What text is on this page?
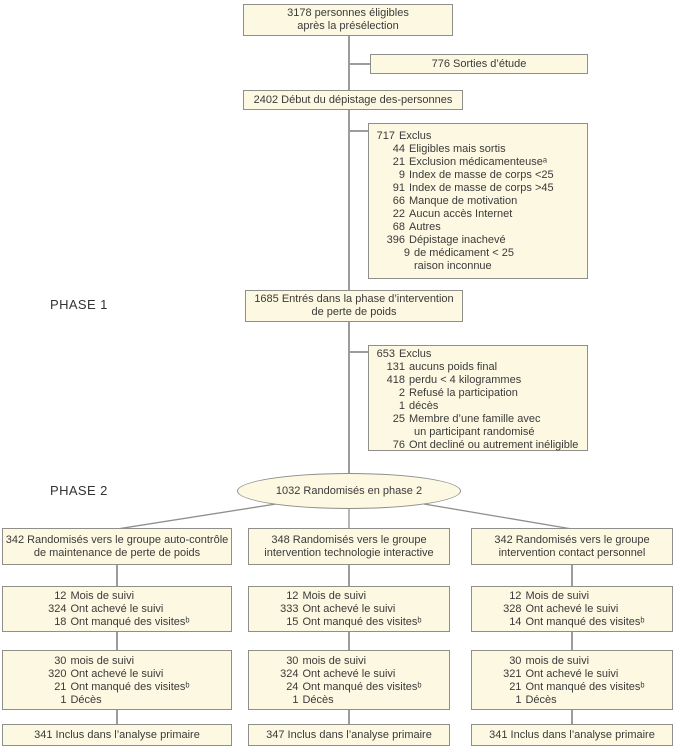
PHASE 1
PHASE 2
3178 personnes éligibles
après la présélection
776 Sorties d’étude
2402 Début du dépistage des-personnes
717 Exclus
44 Eligibles mais sortis
21 Exclusion médicamenteuseᵃ
9 Index de masse de corps <25
91 Index de masse de corps >45
66 Manque de motivation
22 Aucun accès Internet
68 Autres
396 Dépistage inachevé
9 de médicament < 25
raison inconnue
1685 Entrés dans la phase d’intervention
de perte de poids
653 Exclus
131 aucuns poids final
418 perdu < 4 kilogrammes
2 Refusé la participation
1 décès
25 Membre d’une famille avec
un participant randomisé
76 Ont decliné ou autrement inéligible
1032 Randomisés en phase 2
342 Randomisés vers le groupe auto-contrôle
de maintenance de perte de poids
12 Mois de suivi
324 Ont achevé le suivi
18 Ont manqué des visitesᵇ
30 mois de suivi
320 Ont achevé le suivi
21 Ont manqué des visitesᵇ
1 Décès
341 Inclus dans l’analyse primaire
348 Randomisés vers le groupe
intervention technologie interactive
12 Mois de suivi
333 Ont achevé le suivi
15 Ont manqué des visitesᵇ
30 mois de suivi
324 Ont achevé le suivi
24 Ont manqué des visitesᵇ
1 Décès
347 Inclus dans l’analyse primaire
342 Randomisés vers le groupe
intervention contact personnel
12 Mois de suivi
328 Ont achevé le suivi
14 Ont manqué des visitesᵇ
30 mois de suivi
321 Ont achevé le suivi
21 Ont manqué des visitesᵇ
1 Décès
341 Inclus dans l’analyse primaire
